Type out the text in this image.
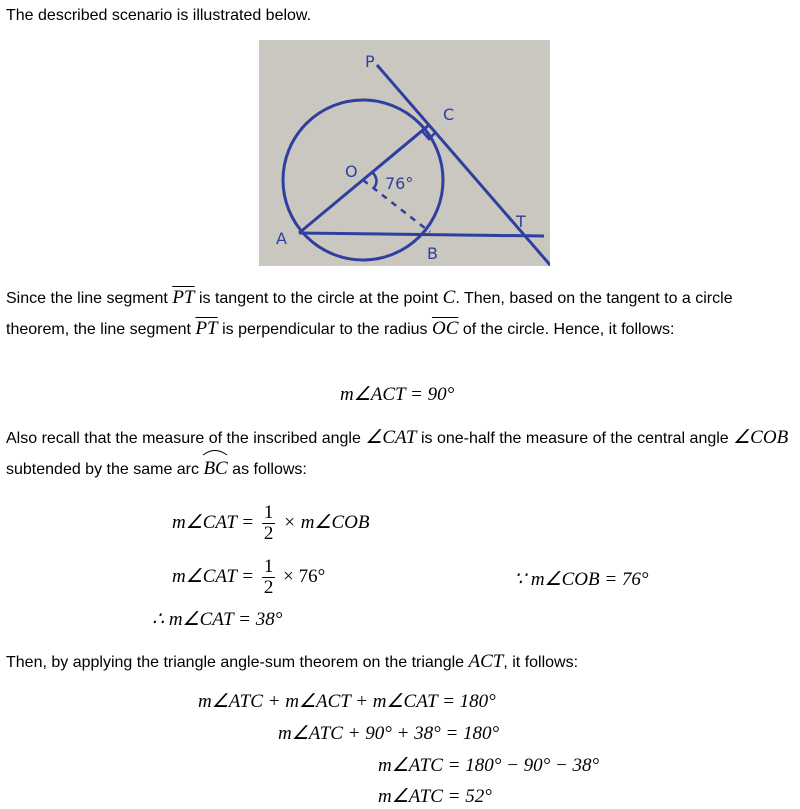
The described scenario is illustrated below.

P
C
O
76°
T
A
B

Since the line segment $\overline{PT}$ is tangent to the circle at the point C. Then, based on the tangent to a circle theorem, the line segment $\overline{PT}$ is perpendicular to the radius $\overline{OC}$ of the circle. Hence, it follows:

m∠ACT = 90°

Also recall that the measure of the inscribed angle ∠CAT is one-half the measure of the central angle ∠COB subtended by the same arc
BC as follows:

m∠CAT = $\frac{1}{2}$ × m∠COB
m∠CAT = $\frac{1}{2} \times 76^\circ$	∵ m∠COB = 76°
∴ m∠CAT = 38°

Then, by applying the triangle angle-sum theorem on the triangle ACT, it follows:

m∠ATC + m∠ACT + m∠CAT = 180°
m∠ATC + 90° + 38° = 180°
m∠ATC = 180° − 90° − 38°
m∠ATC = 52°
